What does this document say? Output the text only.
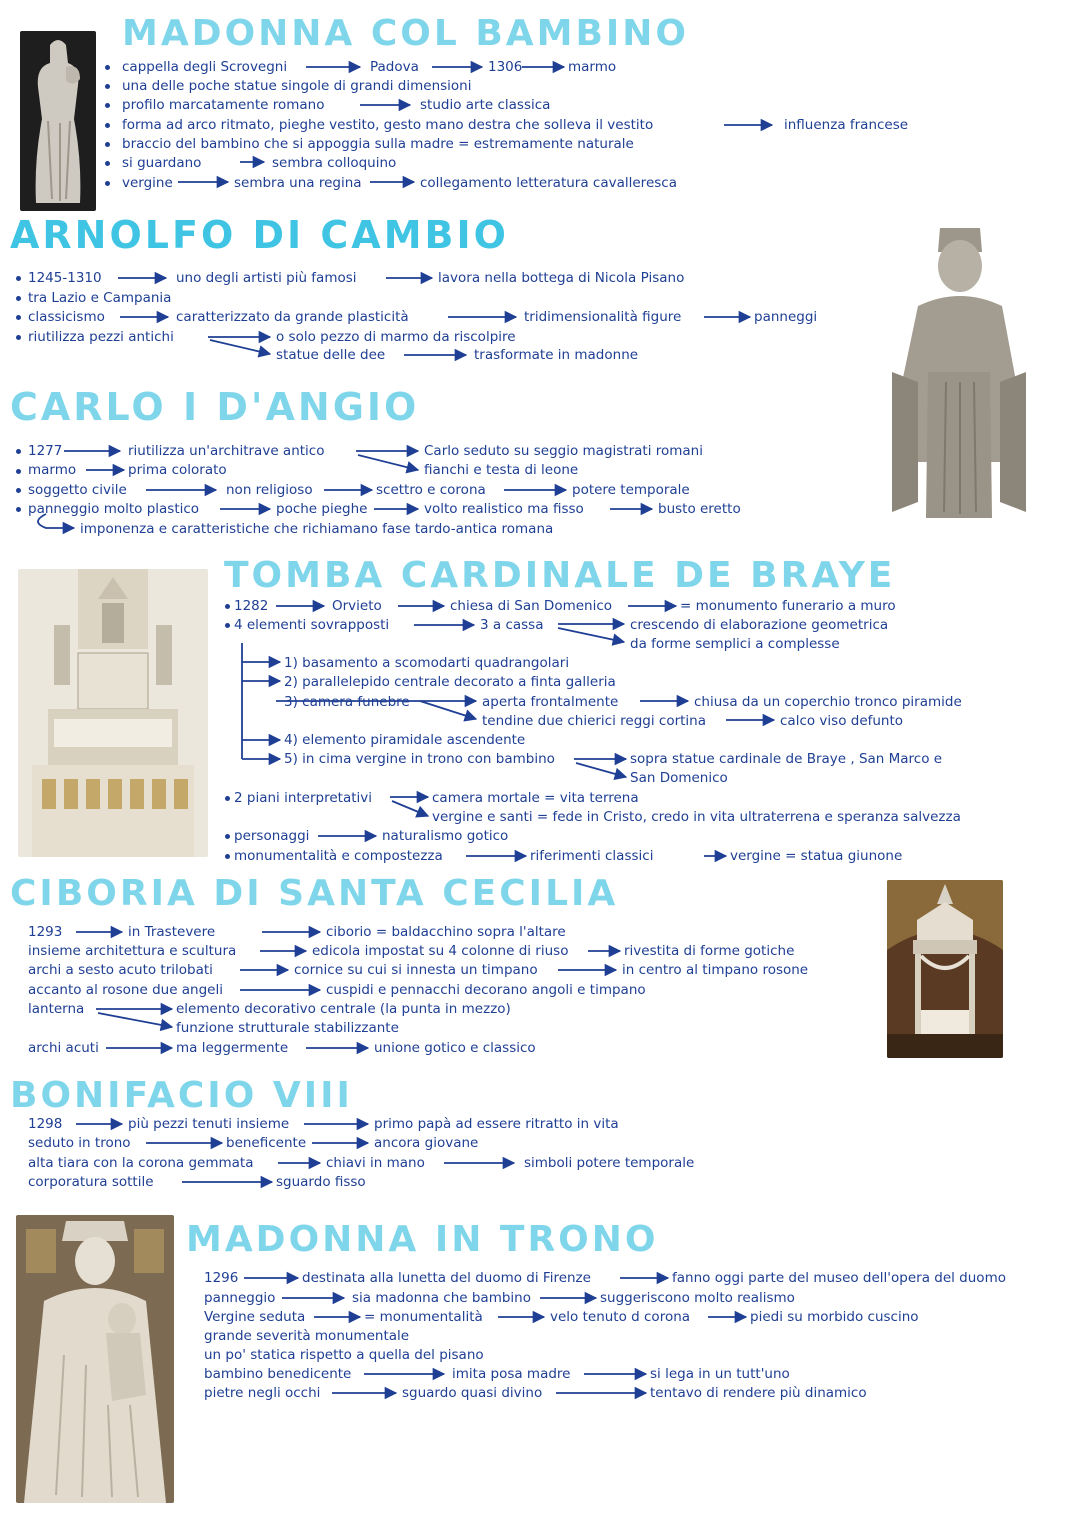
MADONNA COL BAMBINO
cappella degli Scrovegni	Padova	1306	marmo
una delle poche statue singole di grandi dimensioni
profilo marcatamente romano	studio arte classica
forma ad arco ritmato, pieghe vestito, gesto mano destra che solleva il vestito	influenza francese
braccio del bambino che si appoggia sulla madre = estremamente naturale
si guardano	sembra colloquino
vergine	sembra una regina	collegamento letteratura cavalleresca
ARNOLFO DI CAMBIO
1245-1310	uno degli artisti più famosi	lavora nella bottega di Nicola Pisano
tra Lazio e Campania
classicismo	caratterizzato da grande plasticità	tridimensionalità figure	panneggi
riutilizza pezzi antichi	o solo pezzo di marmo da riscolpire
statue delle dee	trasformate in madonne
CARLO I D'ANGIO
1277	riutilizza un'architrave antico	Carlo seduto su seggio magistrati romani
fianchi e testa di leone
marmo	prima colorato
soggetto civile	non religioso	scettro e corona	potere temporale
panneggio molto plastico	poche pieghe	volto realistico ma fisso	busto eretto
imponenza e caratteristiche che richiamano fase tardo-antica romana
TOMBA CARDINALE DE BRAYE
1282	Orvieto	chiesa di San Domenico	= monumento funerario a muro
4 elementi sovrapposti	3 a cassa	crescendo di elaborazione geometrica
da forme semplici a complesse
1) basamento a scomodarti quadrangolari
2) parallelepido centrale decorato a finta galleria
3) camera funebre	aperta frontalmente	chiusa da un coperchio tronco piramide
tendine due chierici reggi cortina	calco viso defunto
4) elemento piramidale ascendente
5) in cima vergine in trono con bambino	sopra statue cardinale de Braye , San Marco e
San Domenico
2 piani interpretativi	camera mortale = vita terrena
vergine e santi = fede in Cristo, credo in vita ultraterrena e speranza salvezza
personaggi	naturalismo gotico
monumentalità e compostezza	riferimenti classici	vergine = statua giunone
CIBORIA DI SANTA CECILIA
1293	in Trastevere	ciborio = baldacchino sopra l'altare
insieme architettura e scultura	edicola impostat su 4 colonne di riuso	rivestita di forme gotiche
archi a sesto acuto trilobati	cornice su cui si innesta un timpano	in centro al timpano rosone
accanto al rosone due angeli	cuspidi e pennacchi decorano angoli e timpano
lanterna	elemento decorativo centrale (la punta in mezzo)
funzione strutturale stabilizzante
archi acuti	ma leggermente	unione gotico e classico
BONIFACIO VIII
1298	più pezzi tenuti insieme	primo papà ad essere ritratto in vita
seduto in trono	beneficente	ancora giovane
alta tiara con la corona gemmata	chiavi in mano	simboli potere temporale
corporatura sottile	sguardo fisso
MADONNA IN TRONO
1296	destinata alla lunetta del duomo di Firenze	fanno oggi parte del museo dell'opera del duomo
panneggio	sia madonna che bambino	suggeriscono molto realismo
Vergine seduta	= monumentalità	velo tenuto d corona	piedi su morbido cuscino
grande severità monumentale
un po' statica rispetto a quella del pisano
bambino benedicente	imita posa madre	si lega in un tutt'uno
pietre negli occhi	sguardo quasi divino	tentavo di rendere più dinamico
